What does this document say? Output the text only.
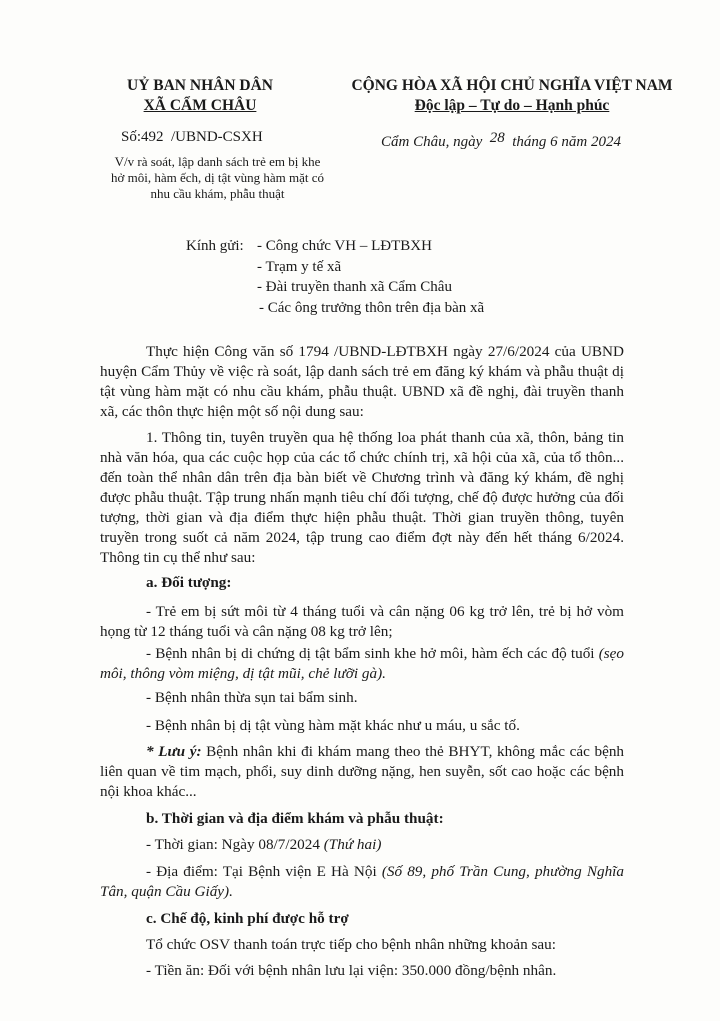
UỶ BAN NHÂN DÂN
XÃ CẨM CHÂU
CỘNG HÒA XÃ HỘI CHỦ NGHĨA VIỆT NAM
Độc lập – Tự do – Hạnh phúc
Số:492 /UBND-CSXH	Cẩm Châu, ngày 28 tháng 6 năm 2024
V/v rà soát, lập danh sách trẻ em bị khe hở môi, hàm ếch, dị tật vùng hàm mặt có nhu cầu khám, phẫu thuật
Kính gửi: - Công chức VH – LĐTBXH
- Trạm y tế xã
- Đài truyền thanh xã Cẩm Châu
- Các ông trưởng thôn trên địa bàn xã
Thực hiện Công văn số 1794 /UBND-LĐTBXH ngày 27/6/2024 của UBND huyện Cẩm Thủy về việc rà soát, lập danh sách trẻ em đăng ký khám và phẫu thuật dị tật vùng hàm mặt có nhu cầu khám, phẫu thuật. UBND xã đề nghị, đài truyền thanh xã, các thôn thực hiện một số nội dung sau:
1. Thông tin, tuyên truyền qua hệ thống loa phát thanh của xã, thôn, bảng tin nhà văn hóa, qua các cuộc họp của các tổ chức chính trị, xã hội của xã, của tổ thôn... đến toàn thể nhân dân trên địa bàn biết về Chương trình và đăng ký khám, đề nghị được phẫu thuật. Tập trung nhấn mạnh tiêu chí đối tượng, chế độ được hưởng của đối tượng, thời gian và địa điểm thực hiện phẫu thuật. Thời gian truyền thông, tuyên truyền trong suốt cả năm 2024, tập trung cao điểm đợt này đến hết tháng 6/2024. Thông tin cụ thể như sau:
a. Đối tượng:
- Trẻ em bị sứt môi từ 4 tháng tuổi và cân nặng 06 kg trở lên, trẻ bị hở vòm họng từ 12 tháng tuổi và cân nặng 08 kg trở lên;
- Bệnh nhân bị di chứng dị tật bẩm sinh khe hở môi, hàm ếch các độ tuổi (sẹo môi, thông vòm miệng, dị tật mũi, chẻ lưỡi gà).
- Bệnh nhân thừa sụn tai bẩm sinh.
- Bệnh nhân bị dị tật vùng hàm mặt khác như u máu, u sắc tố.
* Lưu ý: Bệnh nhân khi đi khám mang theo thẻ BHYT, không mắc các bệnh liên quan về tim mạch, phổi, suy dinh dưỡng nặng, hen suyễn, sốt cao hoặc các bệnh nội khoa khác...
b. Thời gian và địa điểm khám và phẫu thuật:
- Thời gian: Ngày 08/7/2024 (Thứ hai)
- Địa điểm: Tại Bệnh viện E Hà Nội (Số 89, phố Trần Cung, phường Nghĩa Tân, quận Cầu Giấy).
c. Chế độ, kinh phí được hỗ trợ
Tổ chức OSV thanh toán trực tiếp cho bệnh nhân những khoản sau:
- Tiền ăn: Đối với bệnh nhân lưu lại viện: 350.000 đồng/bệnh nhân.
